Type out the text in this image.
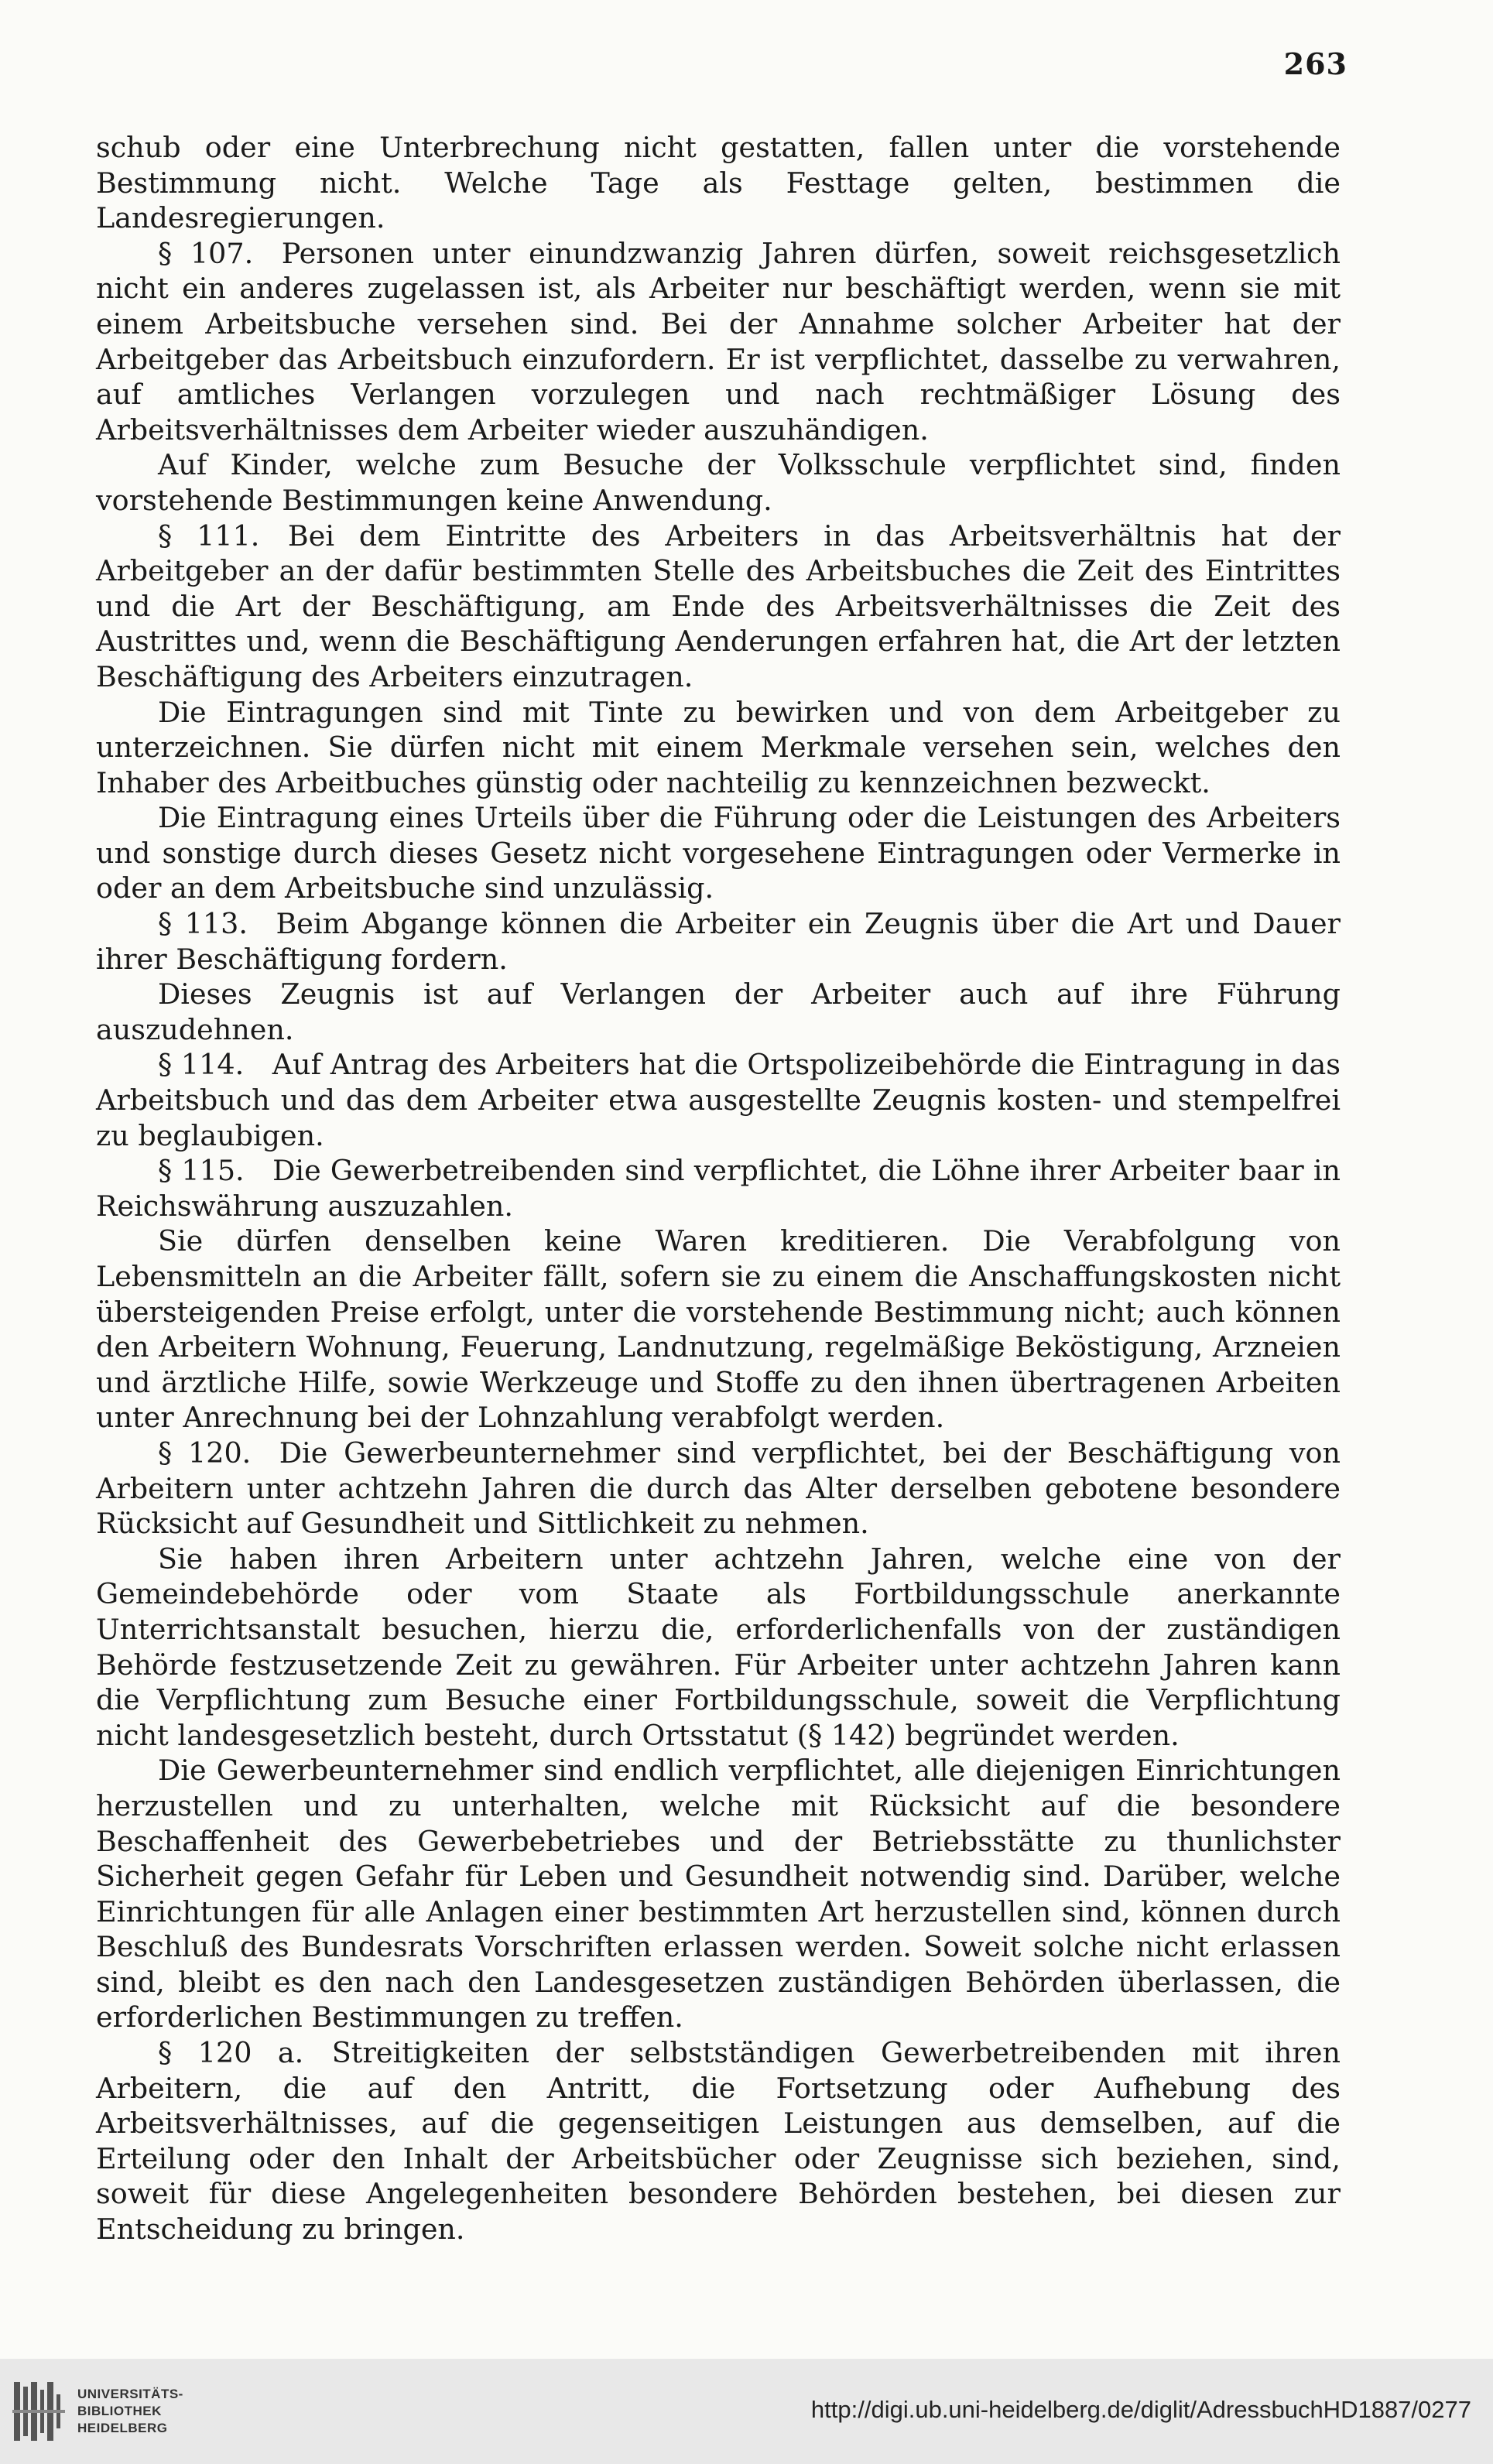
263

schub oder eine Unterbrechung nicht gestatten, fallen unter die vorstehende Bestimmung nicht. Welche Tage als Festtage gelten, bestimmen die Landesregierungen.

§ 107.  Personen unter einundzwanzig Jahren dürfen, soweit reichsgesetzlich nicht ein anderes zugelassen ist, als Arbeiter nur beschäftigt werden, wenn sie mit einem Arbeitsbuche versehen sind. Bei der Annahme solcher Arbeiter hat der Arbeitgeber das Arbeitsbuch einzufordern. Er ist verpflichtet, dasselbe zu verwahren, auf amtliches Verlangen vorzulegen und nach rechtmäßiger Lösung des Arbeitsverhältnisses dem Arbeiter wieder auszuhändigen.

Auf Kinder, welche zum Besuche der Volksschule verpflichtet sind, finden vorstehende Bestimmungen keine Anwendung.

§ 111.  Bei dem Eintritte des Arbeiters in das Arbeitsverhältnis hat der Arbeitgeber an der dafür bestimmten Stelle des Arbeitsbuches die Zeit des Eintrittes und die Art der Beschäftigung, am Ende des Arbeitsverhältnisses die Zeit des Austrittes und, wenn die Beschäftigung Aenderungen erfahren hat, die Art der letzten Beschäftigung des Arbeiters einzutragen.

Die Eintragungen sind mit Tinte zu bewirken und von dem Arbeitgeber zu unterzeichnen. Sie dürfen nicht mit einem Merkmale versehen sein, welches den Inhaber des Arbeitbuches günstig oder nachteilig zu kennzeichnen bezweckt.

Die Eintragung eines Urteils über die Führung oder die Leistungen des Arbeiters und sonstige durch dieses Gesetz nicht vorgesehene Eintragungen oder Vermerke in oder an dem Arbeitsbuche sind unzulässig.

§ 113.  Beim Abgange können die Arbeiter ein Zeugnis über die Art und Dauer ihrer Beschäftigung fordern.

Dieses Zeugnis ist auf Verlangen der Arbeiter auch auf ihre Führung auszudehnen.

§ 114.  Auf Antrag des Arbeiters hat die Ortspolizeibehörde die Eintragung in das Arbeitsbuch und das dem Arbeiter etwa ausgestellte Zeugnis kosten- und stempelfrei zu beglaubigen.

§ 115.  Die Gewerbetreibenden sind verpflichtet, die Löhne ihrer Arbeiter baar in Reichswährung auszuzahlen.

Sie dürfen denselben keine Waren kreditieren. Die Verabfolgung von Lebensmitteln an die Arbeiter fällt, sofern sie zu einem die Anschaffungskosten nicht übersteigenden Preise erfolgt, unter die vorstehende Bestimmung nicht; auch können den Arbeitern Wohnung, Feuerung, Landnutzung, regelmäßige Beköstigung, Arzneien und ärztliche Hilfe, sowie Werkzeuge und Stoffe zu den ihnen übertragenen Arbeiten unter Anrechnung bei der Lohnzahlung verabfolgt werden.

§ 120.  Die Gewerbeunternehmer sind verpflichtet, bei der Beschäftigung von Arbeitern unter achtzehn Jahren die durch das Alter derselben gebotene besondere Rücksicht auf Gesundheit und Sittlichkeit zu nehmen.

Sie haben ihren Arbeitern unter achtzehn Jahren, welche eine von der Gemeindebehörde oder vom Staate als Fortbildungsschule anerkannte Unterrichtsanstalt besuchen, hierzu die, erforderlichenfalls von der zuständigen Behörde festzusetzende Zeit zu gewähren. Für Arbeiter unter achtzehn Jahren kann die Verpflichtung zum Besuche einer Fortbildungsschule, soweit die Verpflichtung nicht landesgesetzlich besteht, durch Ortsstatut (§ 142) begründet werden.

Die Gewerbeunternehmer sind endlich verpflichtet, alle diejenigen Einrichtungen herzustellen und zu unterhalten, welche mit Rücksicht auf die besondere Beschaffenheit des Gewerbebetriebes und der Betriebsstätte zu thunlichster Sicherheit gegen Gefahr für Leben und Gesundheit notwendig sind. Darüber, welche Einrichtungen für alle Anlagen einer bestimmten Art herzustellen sind, können durch Beschluß des Bundesrats Vorschriften erlassen werden. Soweit solche nicht erlassen sind, bleibt es den nach den Landesgesetzen zuständigen Behörden überlassen, die erforderlichen Bestimmungen zu treffen.

§ 120 a.  Streitigkeiten der selbstständigen Gewerbetreibenden mit ihren Arbeitern, die auf den Antritt, die Fortsetzung oder Aufhebung des Arbeitsverhältnisses, auf die gegenseitigen Leistungen aus demselben, auf die Erteilung oder den Inhalt der Arbeitsbücher oder Zeugnisse sich beziehen, sind, soweit für diese Angelegenheiten besondere Behörden bestehen, bei diesen zur Entscheidung zu bringen.

UNIVERSITÄTS-
BIBLIOTHEK
HEIDELBERG
http://digi.ub.uni-heidelberg.de/diglit/AdressbuchHD1887/0277
